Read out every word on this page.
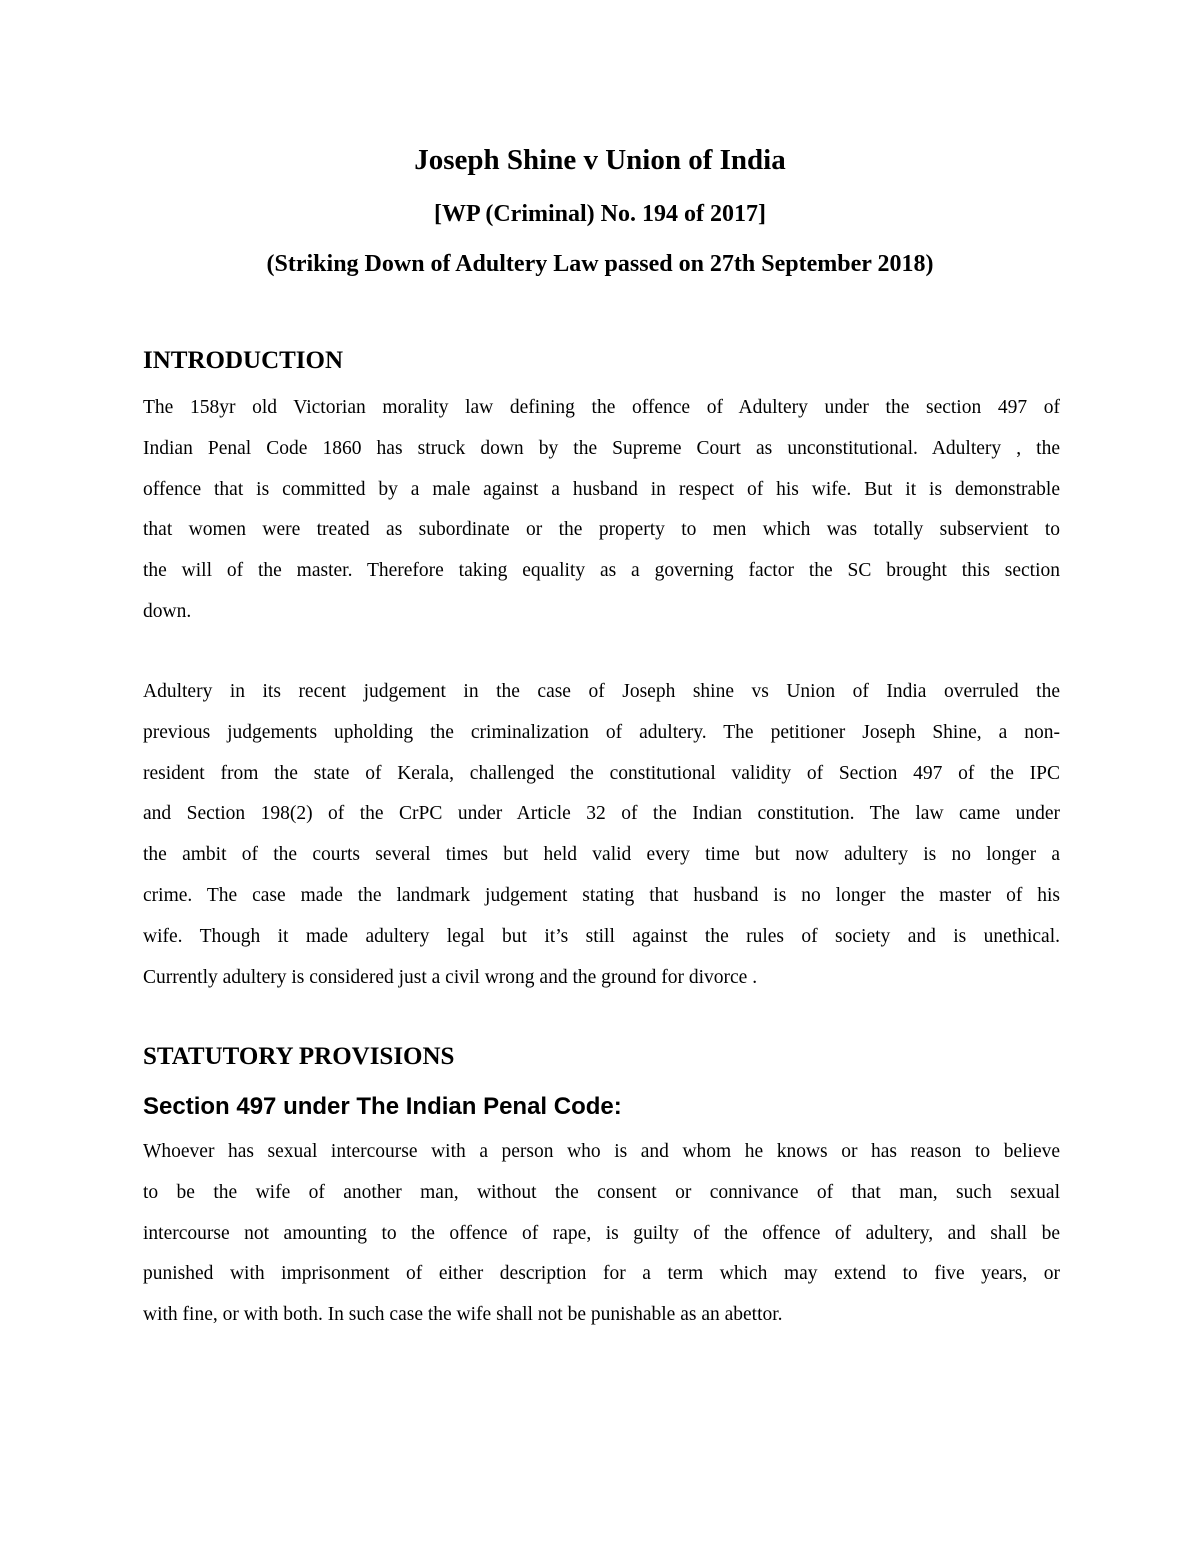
Joseph Shine v Union of India
[WP (Criminal) No. 194 of 2017]
(Striking Down of Adultery Law passed on 27th September 2018)
INTRODUCTION
The 158yr old Victorian morality law defining the offence of Adultery under the section 497 of
Indian Penal Code 1860 has struck down by the Supreme Court as unconstitutional. Adultery , the
offence that is committed by a male against a husband in respect of his wife. But it is demonstrable
that women were treated as subordinate or the property to men which was totally subservient to
the will of the master. Therefore taking equality as a governing factor the SC brought this section
down.
Adultery in its recent judgement in the case of Joseph shine vs Union of India overruled the
previous judgements upholding the criminalization of adultery. The petitioner Joseph Shine, a non-
resident from the state of Kerala, challenged the constitutional validity of Section 497 of the IPC
and Section 198(2) of the CrPC under Article 32 of the Indian constitution. The law came under
the ambit of the courts several times but held valid every time but now adultery is no longer a
crime. The case made the landmark judgement stating that husband is no longer the master of his
wife. Though it made adultery legal but it’s still against the rules of society and is unethical.
Currently adultery is considered just a civil wrong and the ground for divorce .
STATUTORY PROVISIONS
Section 497 under The Indian Penal Code:
Whoever has sexual intercourse with a person who is and whom he knows or has reason to believe
to be the wife of another man, without the consent or connivance of that man, such sexual
intercourse not amounting to the offence of rape, is guilty of the offence of adultery, and shall be
punished with imprisonment of either description for a term which may extend to five years, or
with fine, or with both. In such case the wife shall not be punishable as an abettor.
